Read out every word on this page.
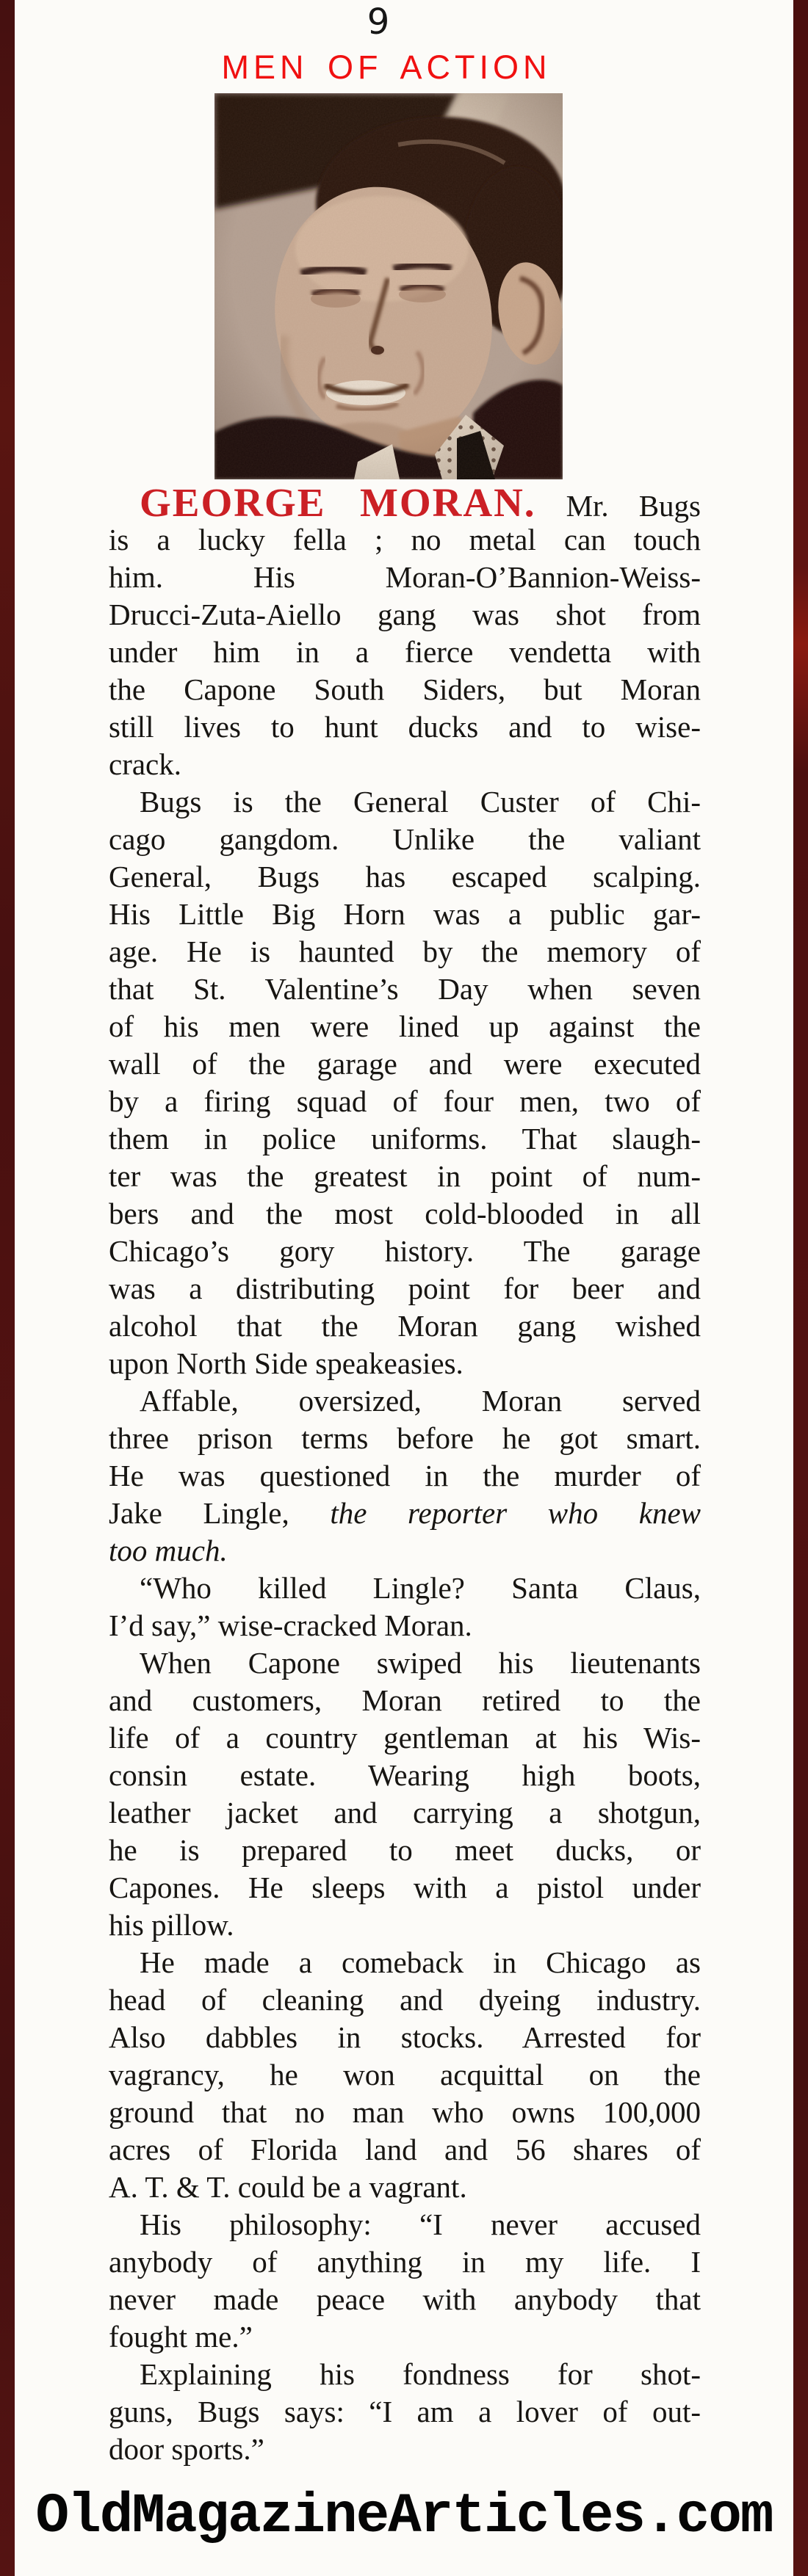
9
MEN OF ACTION
GEORGE MORAN. Mr. Bugs
is a lucky fella ; no metal can touch
him. His Moran-O’Bannion-Weiss-
Drucci-Zuta-Aiello gang was shot from
under him in a fierce vendetta with
the Capone South Siders, but Moran
still lives to hunt ducks and to wise-
crack.
Bugs is the General Custer of Chi-
cago gangdom. Unlike the valiant
General, Bugs has escaped scalping.
His Little Big Horn was a public gar-
age. He is haunted by the memory of
that St. Valentine’s Day when seven
of his men were lined up against the
wall of the garage and were executed
by a firing squad of four men, two of
them in police uniforms. That slaugh-
ter was the greatest in point of num-
bers and the most cold-blooded in all
Chicago’s gory history. The garage
was a distributing point for beer and
alcohol that the Moran gang wished
upon North Side speakeasies.
Affable, oversized, Moran served
three prison terms before he got smart.
He was questioned in the murder of
Jake Lingle, the reporter who knew
too much.
“Who killed Lingle? Santa Claus,
I’d say,” wise-cracked Moran.
When Capone swiped his lieutenants
and customers, Moran retired to the
life of a country gentleman at his Wis-
consin estate. Wearing high boots,
leather jacket and carrying a shotgun,
he is prepared to meet ducks, or
Capones. He sleeps with a pistol under
his pillow.
He made a comeback in Chicago as
head of cleaning and dyeing industry.
Also dabbles in stocks. Arrested for
vagrancy, he won acquittal on the
ground that no man who owns 100,000
acres of Florida land and 56 shares of
A. T. & T. could be a vagrant.
His philosophy: “I never accused
anybody of anything in my life. I
never made peace with anybody that
fought me.”
Explaining his fondness for shot-
guns, Bugs says: “I am a lover of out-
door sports.”
OldMagazineArticles.com
